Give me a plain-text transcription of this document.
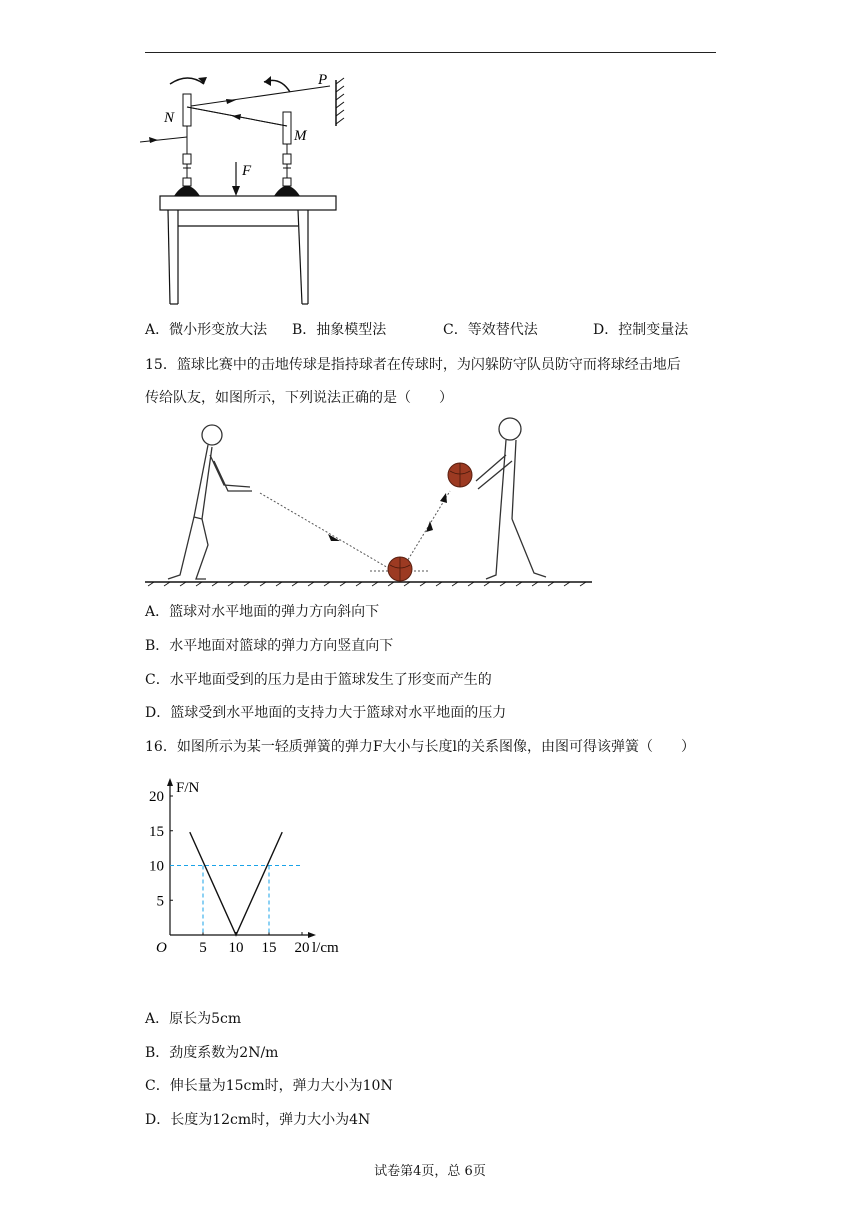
P
N
M
F
A．微小形变放大法 B．抽象模型法	C．等效替代法	D．控制变量法
15．篮球比赛中的击地传球是指持球者在传球时，为闪躲防守队员防守而将球经击地后
传给队友，如图所示，下列说法正确的是（　　）
A．篮球对水平地面的弹力方向斜向下
B．水平地面对篮球的弹力方向竖直向下
C．水平地面受到的压力是由于篮球发生了形变而产生的
D．篮球受到水平地面的支持力大于篮球对水平地面的压力
16．如图所示为某一轻质弹簧的弹力F大小与长度l的关系图像，由图可得该弹簧（　　）
5
10
15
20
5 10 15 20
F/N
l/cm
O
A．原长为5cm
B．劲度系数为2N/m
C．伸长量为15cm时，弹力大小为10N
D．长度为12cm时，弹力大小为4N
试卷第4页，总 6页
